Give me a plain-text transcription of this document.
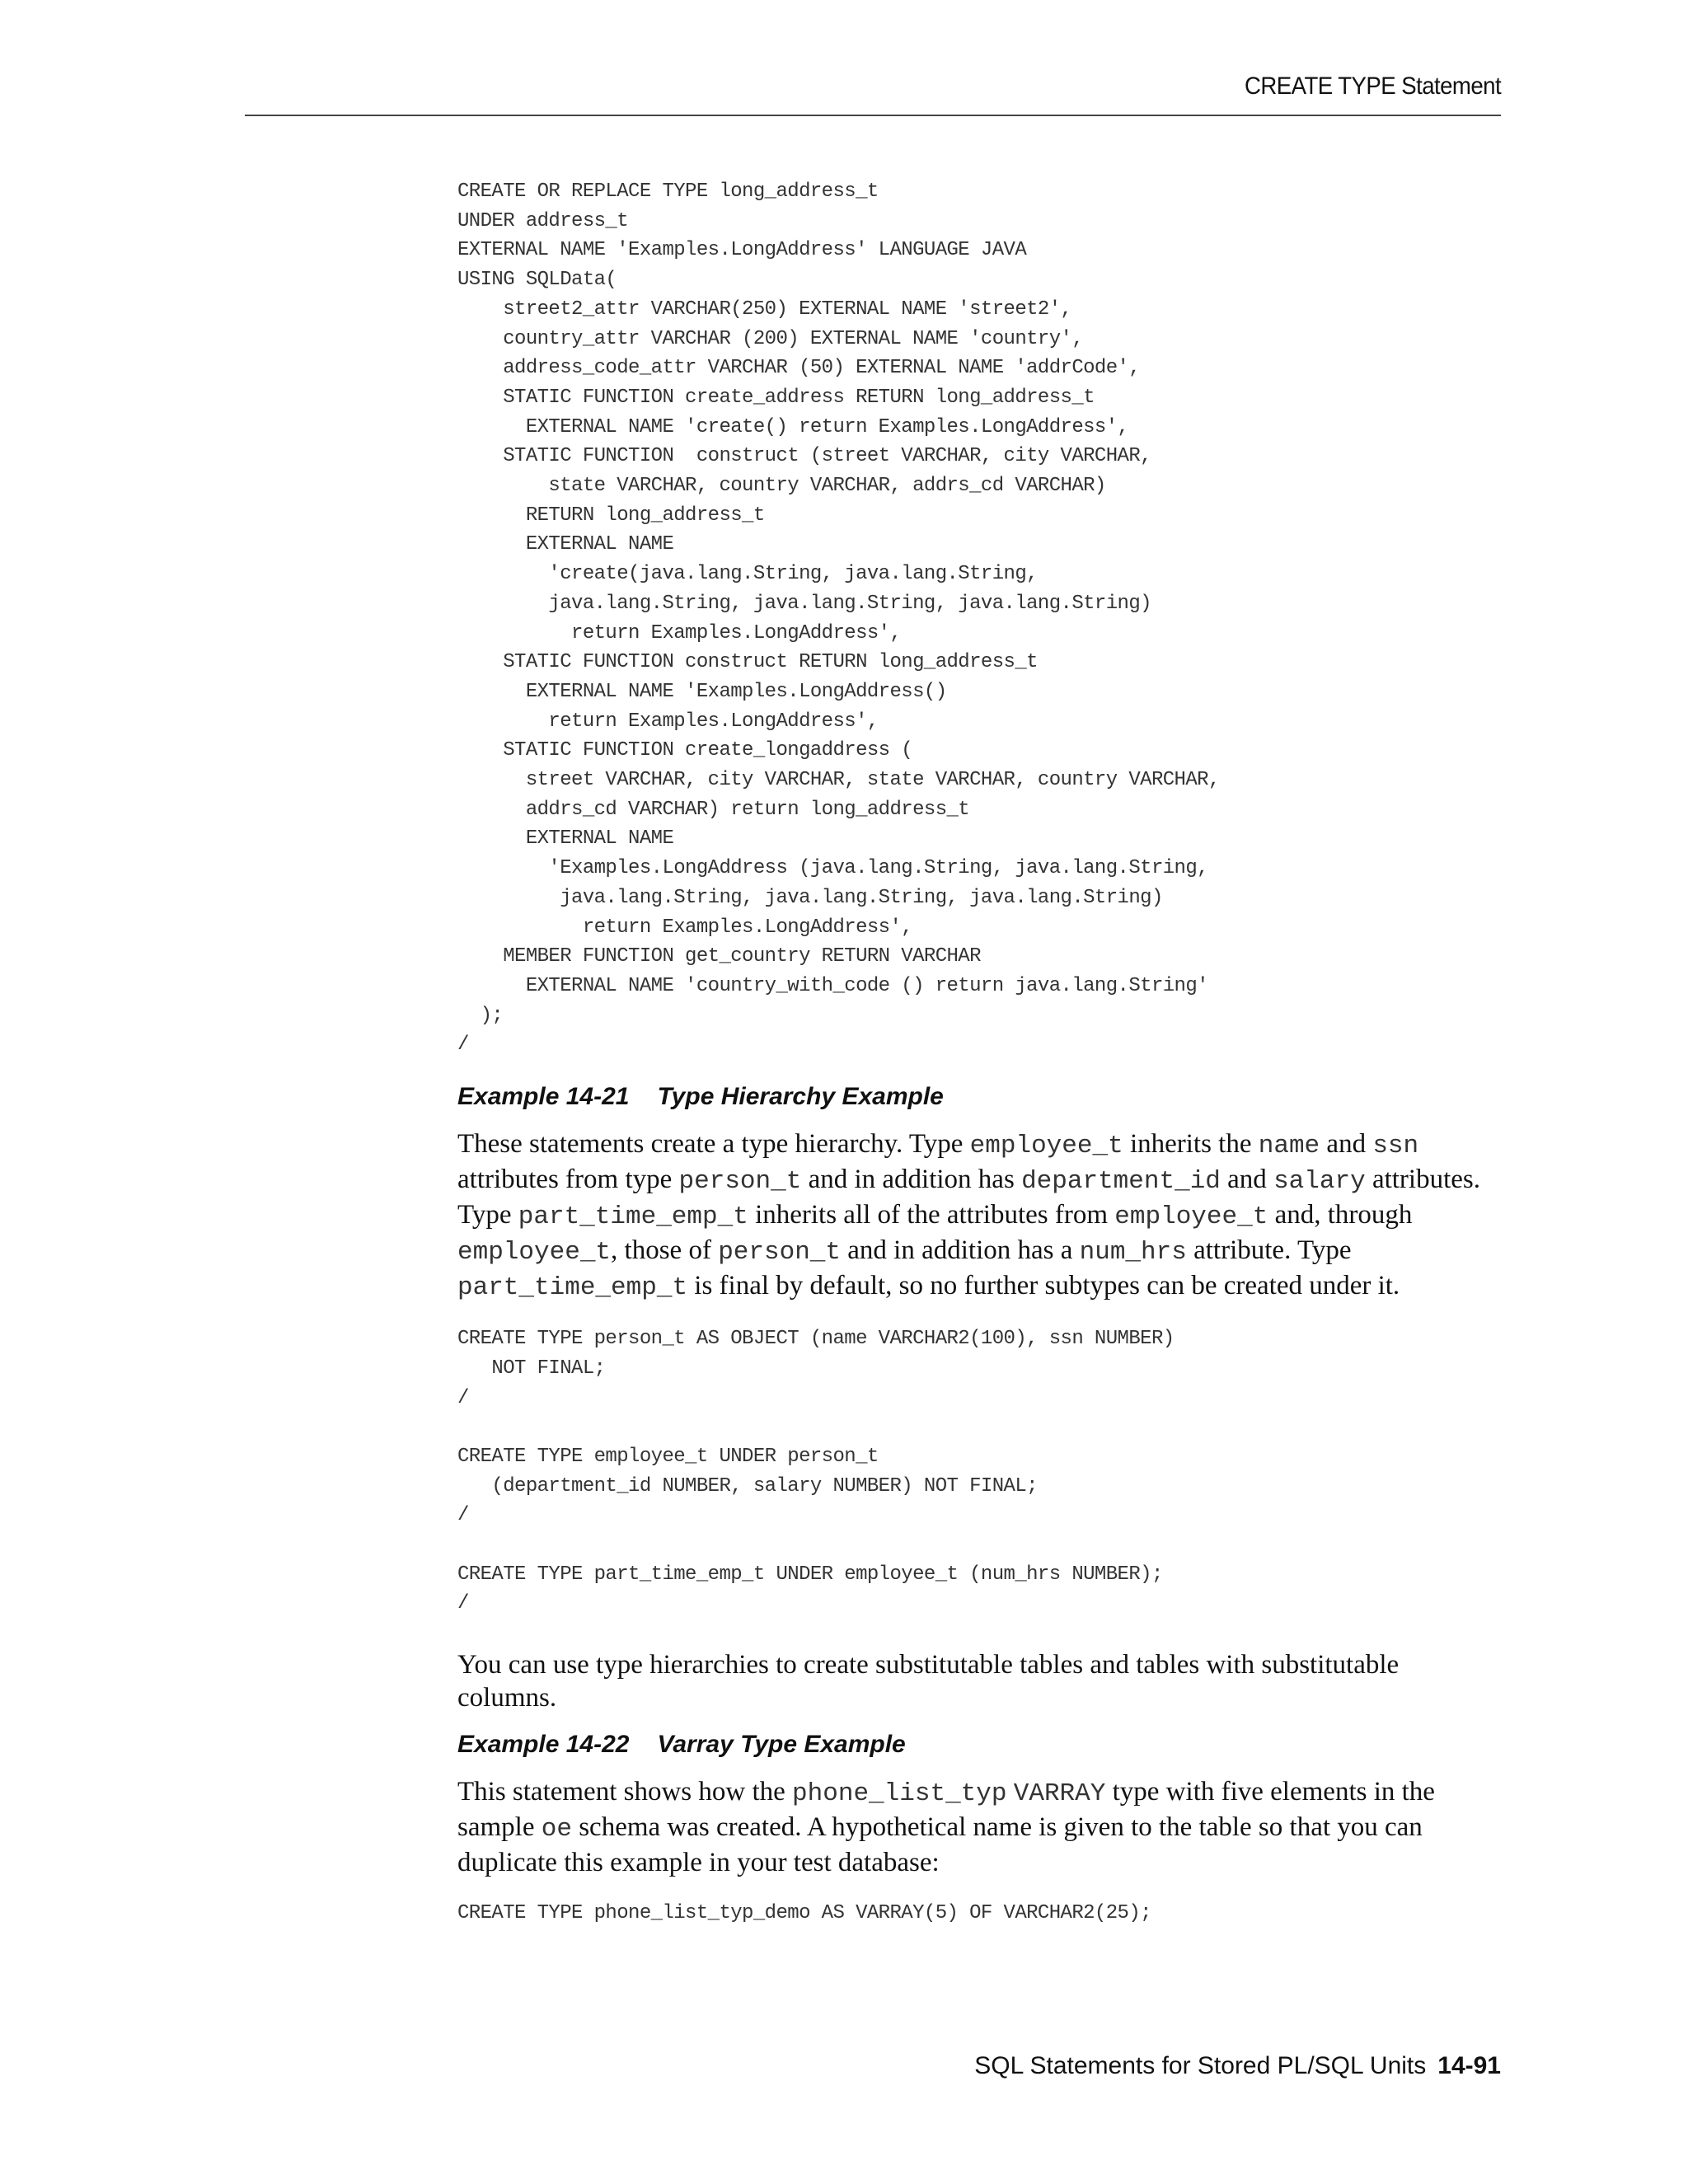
CREATE TYPE Statement
CREATE OR REPLACE TYPE long_address_t
UNDER address_t
EXTERNAL NAME 'Examples.LongAddress' LANGUAGE JAVA
USING SQLData(
street2_attr VARCHAR(250) EXTERNAL NAME 'street2',
country_attr VARCHAR (200) EXTERNAL NAME 'country',
address_code_attr VARCHAR (50) EXTERNAL NAME 'addrCode',
STATIC FUNCTION create_address RETURN long_address_t
EXTERNAL NAME 'create() return Examples.LongAddress',
STATIC FUNCTION  construct (street VARCHAR, city VARCHAR,
state VARCHAR, country VARCHAR, addrs_cd VARCHAR)
RETURN long_address_t
EXTERNAL NAME
'create(java.lang.String, java.lang.String,
java.lang.String, java.lang.String, java.lang.String)
return Examples.LongAddress',
STATIC FUNCTION construct RETURN long_address_t
EXTERNAL NAME 'Examples.LongAddress()
return Examples.LongAddress',
STATIC FUNCTION create_longaddress (
street VARCHAR, city VARCHAR, state VARCHAR, country VARCHAR,
addrs_cd VARCHAR) return long_address_t
EXTERNAL NAME
'Examples.LongAddress (java.lang.String, java.lang.String,
java.lang.String, java.lang.String, java.lang.String)
return Examples.LongAddress',
MEMBER FUNCTION get_country RETURN VARCHAR
EXTERNAL NAME 'country_with_code () return java.lang.String'
);
/
Example 14-21 Type Hierarchy Example

These statements create a type hierarchy. Type employee_t inherits the name and ssn attributes from type person_t and in addition has department_id and salary attributes. Type part_time_emp_t inherits all of the attributes from employee_t and, through employee_t, those of person_t and in addition has a num_hrs attribute. Type part_time_emp_t is final by default, so no further subtypes can be created under it.

CREATE TYPE person_t AS OBJECT (name VARCHAR2(100), ssn NUMBER)
NOT FINAL;
/

CREATE TYPE employee_t UNDER person_t
(department_id NUMBER, salary NUMBER) NOT FINAL;
/

CREATE TYPE part_time_emp_t UNDER employee_t (num_hrs NUMBER);
/

You can use type hierarchies to create substitutable tables and tables with substitutable columns.

Example 14-22 Varray Type Example

This statement shows how the phone_list_typ VARRAY type with five elements in the sample oe schema was created. A hypothetical name is given to the table so that you can duplicate this example in your test database:

CREATE TYPE phone_list_typ_demo AS VARRAY(5) OF VARCHAR2(25);
SQL Statements for Stored PL/SQL Units 14-91
